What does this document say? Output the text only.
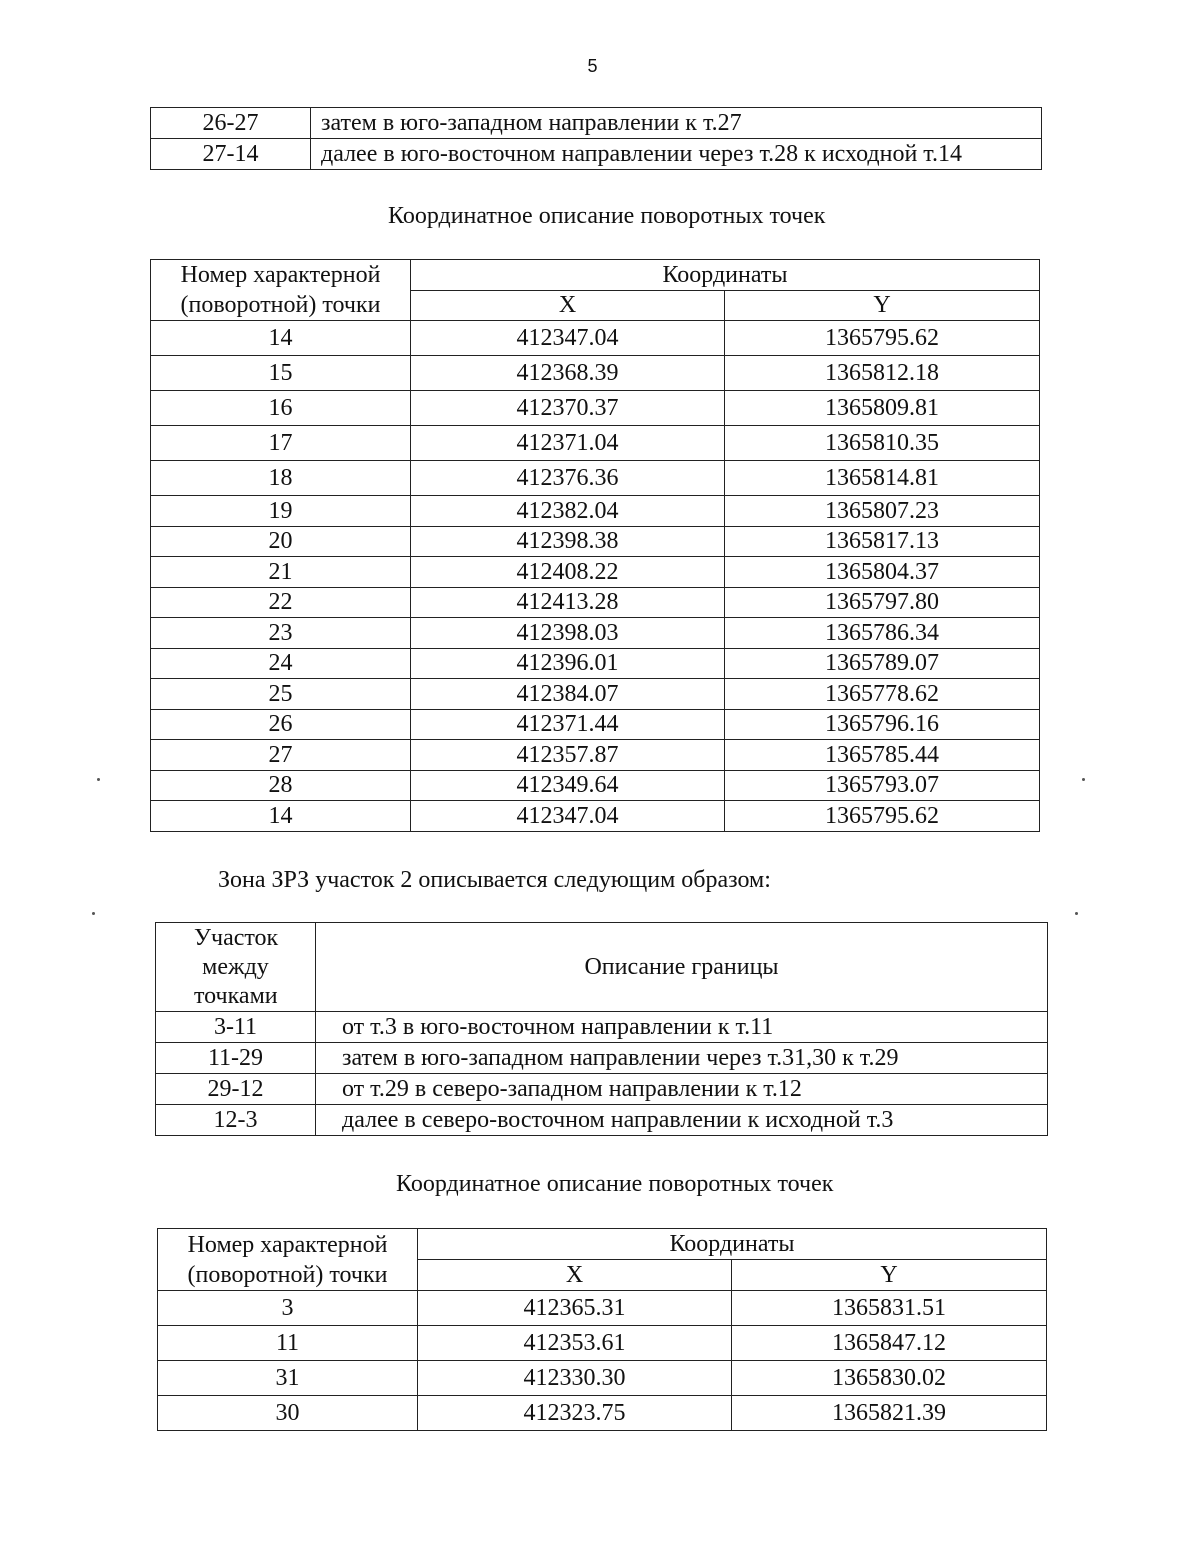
5
26-27	затем в юго-западном направлении к т.27
27-14	далее в юго-восточном направлении через т.28 к исходной т.14
Координатное описание поворотных точек
Номер характерной (поворотной) точки	Координаты	
	X	Y
14	412347.04	1365795.62
15	412368.39	1365812.18
16	412370.37	1365809.81
17	412371.04	1365810.35
18	412376.36	1365814.81
19	412382.04	1365807.23
20	412398.38	1365817.13
21	412408.22	1365804.37
22	412413.28	1365797.80
23	412398.03	1365786.34
24	412396.01	1365789.07
25	412384.07	1365778.62
26	412371.44	1365796.16
27	412357.87	1365785.44
28	412349.64	1365793.07
14	412347.04	1365795.62
Зона ЗРЗ участок 2 описывается следующим образом:
Участок между точками	Описание границы
3-11	от т.3 в юго-восточном направлении к т.11
11-29	затем в юго-западном направлении через т.31,30 к т.29
29-12	от т.29 в северо-западном направлении к т.12
12-3	далее в северо-восточном направлении к исходной т.3
Координатное описание поворотных точек
Номер характерной (поворотной) точки	Координаты	
	X	Y
3	412365.31	1365831.51
11	412353.61	1365847.12
31	412330.30	1365830.02
30	412323.75	1365821.39
